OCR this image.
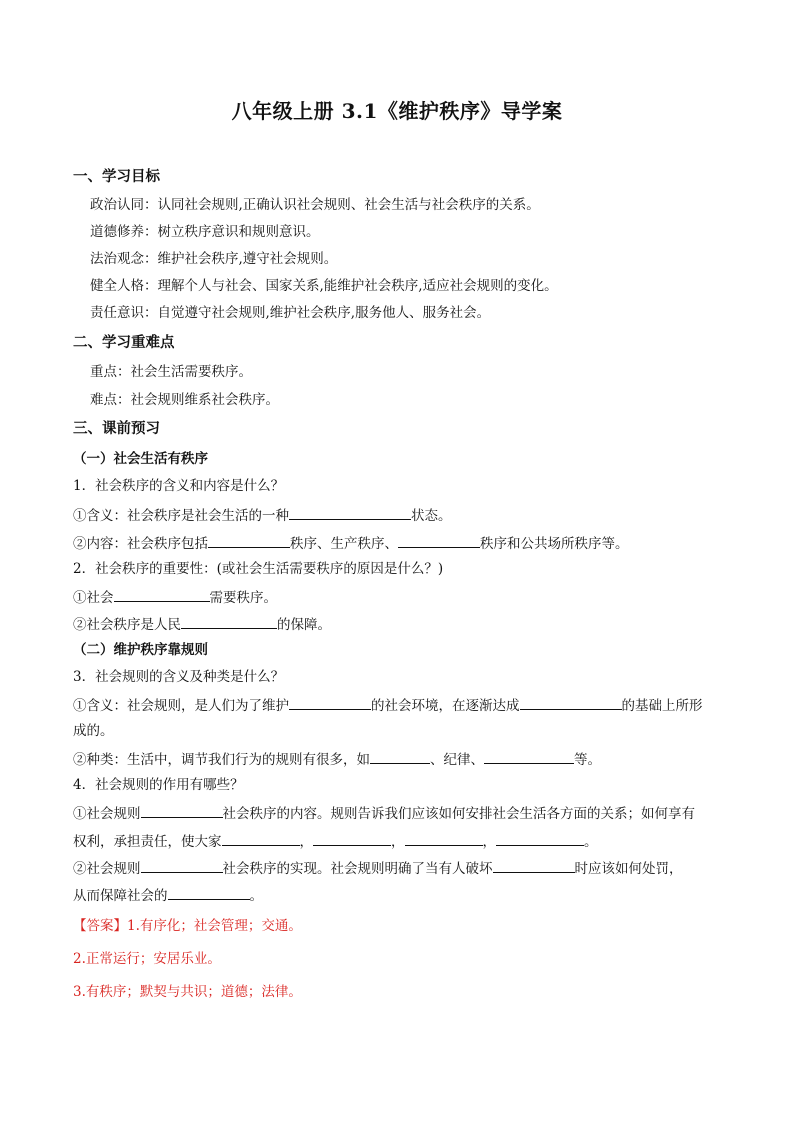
八年级上册 3.1《维护秩序》导学案
一、学习目标
政治认同：认同社会规则,正确认识社会规则、社会生活与社会秩序的关系。
道德修养：树立秩序意识和规则意识。
法治观念：维护社会秩序,遵守社会规则。
健全人格：理解个人与社会、国家关系,能维护社会秩序,适应社会规则的变化。
责任意识：自觉遵守社会规则,维护社会秩序,服务他人、服务社会。
二、学习重难点
重点：社会生活需要秩序。
难点：社会规则维系社会秩序。
三、课前预习
（一）社会生活有秩序
1．社会秩序的含义和内容是什么？
①含义：社会秩序是社会生活的一种	状态。
②内容：社会秩序包括	秩序、生产秩序、	秩序和公共场所秩序等。
2．社会秩序的重要性：(或社会生活需要秩序的原因是什么？)
①社会	需要秩序。
②社会秩序是人民	的保障。
（二）维护秩序靠规则
3．社会规则的含义及种类是什么？
①含义：社会规则，是人们为了维护	的社会环境，在逐渐达成	的基础上所形
成的。
②种类：生活中，调节我们行为的规则有很多，如	、纪律、	等。
4．社会规则的作用有哪些？
①社会规则	社会秩序的内容。规则告诉我们应该如何安排社会生活各方面的关系；如何享有
权利，承担责任，使大家	，	，	，	。
②社会规则	社会秩序的实现。社会规则明确了当有人破坏	时应该如何处罚，
从而保障社会的	。
【答案】1.有序化；社会管理；交通。
2.正常运行；安居乐业。
3.有秩序；默契与共识；道德；法律。
